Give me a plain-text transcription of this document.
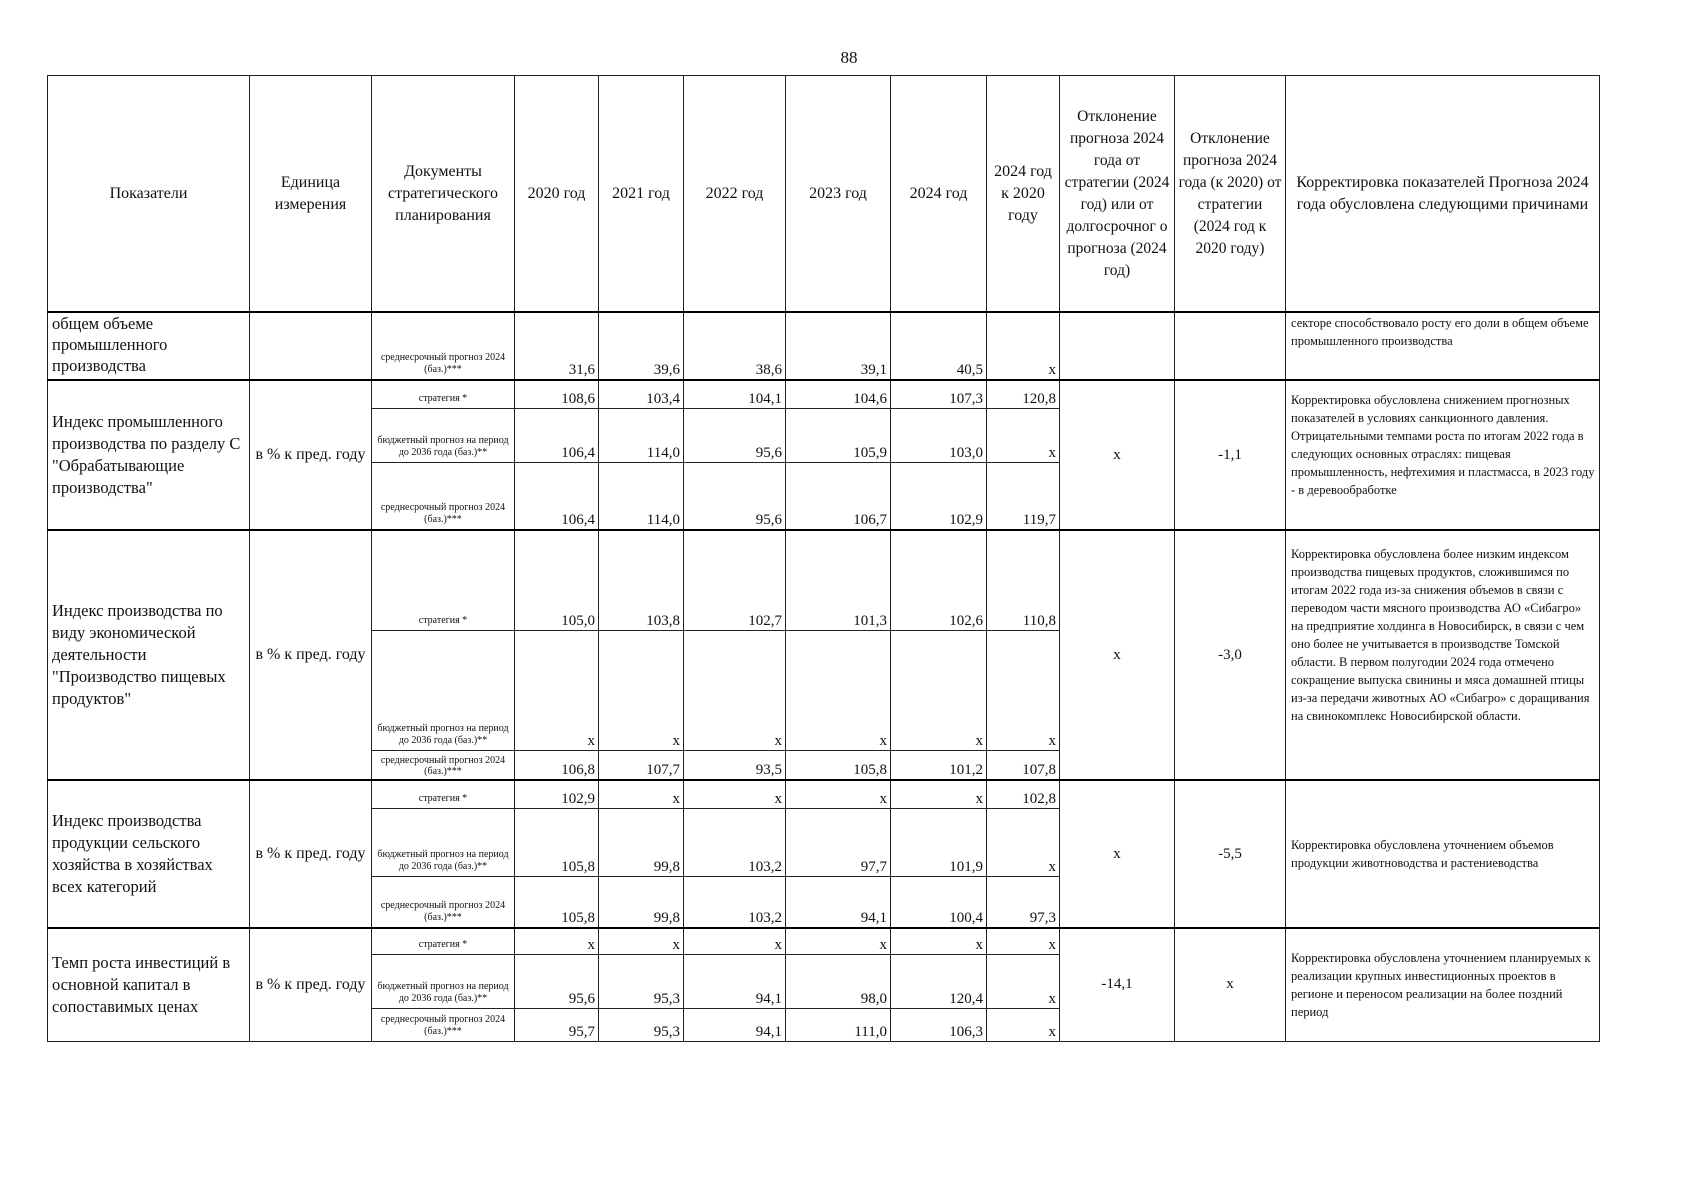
88
Показатели	Единица измерения	Документы стратегического планирования	2020 год	2021 год	2022 год	2023 год	2024 год	2024 год к 2020 году	Отклонение прогноза 2024 года от стратегии (2024 год) или от долгосрочног о прогноза (2024 год)	Отклонение прогноза 2024 года (к 2020) от стратегии (2024 год к 2020 году)	Корректировка показателей Прогноза 2024 года обусловлена следующими причинами
общем объеме промышленного производства		среднесрочный прогноз 2024 (баз.)***	31,6	39,6	38,6	39,1	40,5	x			секторе способствовало росту его доли в общем объеме промышленного производства
Индекс промышленного производства по разделу С "Обрабатывающие производства"	в % к пред. году	стратегия *	108,6	103,4	104,1	104,6	107,3	120,8	x	-1,1	Корректировка обусловлена снижением прогнозных показателей в условиях санкционного давления. Отрицательными темпами роста по итогам 2022 года в следующих основных отраслях: пищевая промышленность, нефтехимия и пластмасса, в 2023 году - в деревообработке
		бюджетный прогноз на период до 2036 года (баз.)**	106,4	114,0	95,6	105,9	103,0	x			
		среднесрочный прогноз 2024 (баз.)***	106,4	114,0	95,6	106,7	102,9	119,7			
Индекс производства по виду экономической деятельности "Производство пищевых продуктов"	в % к пред. году	стратегия *	105,0	103,8	102,7	101,3	102,6	110,8	x	-3,0	Корректировка обусловлена более низким индексом производства пищевых продуктов, сложившимся по итогам 2022 года из-за снижения объемов в связи с переводом части мясного производства АО «Сибагро» на предприятие холдинга в Новосибирск, в связи с чем оно более не учитывается в производстве Томской области. В первом полугодии 2024 года отмечено сокращение выпуска свинины и мяса домашней птицы из-за передачи животных АО «Сибагро» с доращивания на свинокомплекс Новосибирской области.
		бюджетный прогноз на период до 2036 года (баз.)**	x	x	x	x	x	x			
		среднесрочный прогноз 2024 (баз.)***	106,8	107,7	93,5	105,8	101,2	107,8			
Индекс производства продукции сельского хозяйства в хозяйствах всех категорий	в % к пред. году	стратегия *	102,9	x	x	x	x	102,8	x	-5,5	Корректировка обусловлена уточнением объемов продукции животноводства и растениеводства
		бюджетный прогноз на период до 2036 года (баз.)**	105,8	99,8	103,2	97,7	101,9	x			
		среднесрочный прогноз 2024 (баз.)***	105,8	99,8	103,2	94,1	100,4	97,3			
Темп роста инвестиций в основной капитал в сопоставимых ценах	в % к пред. году	стратегия *	x	x	x	x	x	x	-14,1	x	Корректировка обусловлена уточнением планируемых к реализации крупных инвестиционных проектов в регионе и переносом реализации на более поздний период
		бюджетный прогноз на период до 2036 года (баз.)**	95,6	95,3	94,1	98,0	120,4	x			
		среднесрочный прогноз 2024 (баз.)***	95,7	95,3	94,1	111,0	106,3	x			
